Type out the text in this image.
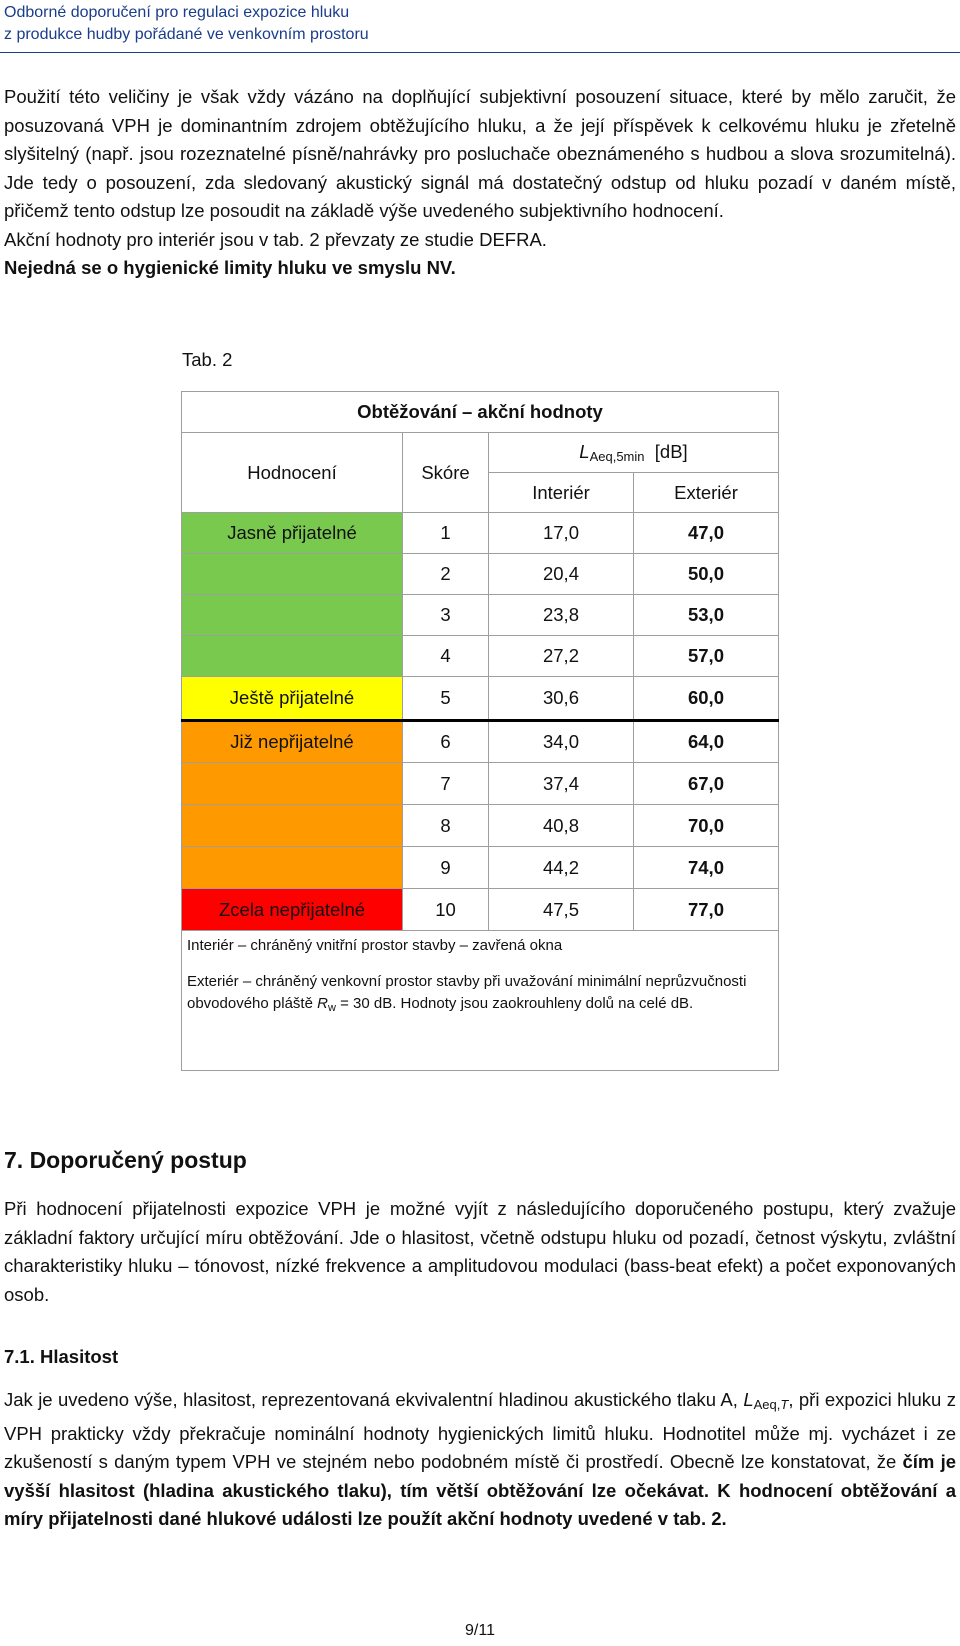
Odborné doporučení pro regulaci expozice hluku
z produkce hudby pořádané ve venkovním prostoru

Použití této veličiny je však vždy vázáno na doplňující subjektivní posouzení situace, které by mělo zaručit, že posuzovaná VPH je dominantním zdrojem obtěžujícího hluku, a že její příspěvek k celkovému hluku je zřetelně slyšitelný (např. jsou rozeznatelné písně/nahrávky pro posluchače obeznámeného s hudbou a slova srozumitelná). Jde tedy o posouzení, zda sledovaný akustický signál má dostatečný odstup od hluku pozadí v daném místě, přičemž tento odstup lze posoudit na základě výše uvedeného subjektivního hodnocení.

Akční hodnoty pro interiér jsou v tab. 2 převzaty ze studie DEFRA.

Nejedná se o hygienické limity hluku ve smyslu NV.

Tab. 2
Obtěžování – akční hodnoty			
Hodnocení	Skóre	$L_{Aeq,5min}$ [dB]	
		Interiér	Exteriér
Jasně přijatelné	1	17,0	47,0
	2	20,4	50,0
	3	23,8	53,0
	4	27,2	57,0
Ještě přijatelné	5	30,6	60,0
Již nepřijatelné	6	34,0	64,0
	7	37,4	67,0
	8	40,8	70,0
	9	44,2	74,0
Zcela nepřijatelné	10	47,5	77,0

Interiér – chráněný vnitřní prostor stavby – zavřená okna

Exteriér – chráněný venkovní prostor stavby při uvažování minimální neprůzvučnosti obvodového pláště $R_w = 30$ dB. Hodnoty jsou zaokrouhleny dolů na celé dB.			

7. Doporučený postup

Při hodnocení přijatelnosti expozice VPH je možné vyjít z následujícího doporučeného postupu, který zvažuje základní faktory určující míru obtěžování. Jde o hlasitost, včetně odstupu hluku od pozadí, četnost výskytu, zvláštní charakteristiky hluku – tónovost, nízké frekvence a amplitudovou modulaci (bass-beat efekt) a počet exponovaných osob.

7.1. Hlasitost

Jak je uvedeno výše, hlasitost, reprezentovaná ekvivalentní hladinou akustického tlaku A, $L_{Aeq,T}$, při expozici hluku z VPH prakticky vždy překračuje nominální hodnoty hygienických limitů hluku. Hodnotitel může mj. vycházet i ze zkušeností s daným typem VPH ve stejném nebo podobném místě či prostředí. Obecně lze konstatovat, že čím je vyšší hlasitost (hladina akustického tlaku), tím větší obtěžování lze očekávat. K hodnocení obtěžování a míry přijatelnosti dané hlukové události lze použít akční hodnoty uvedené v tab. 2.

9/11
